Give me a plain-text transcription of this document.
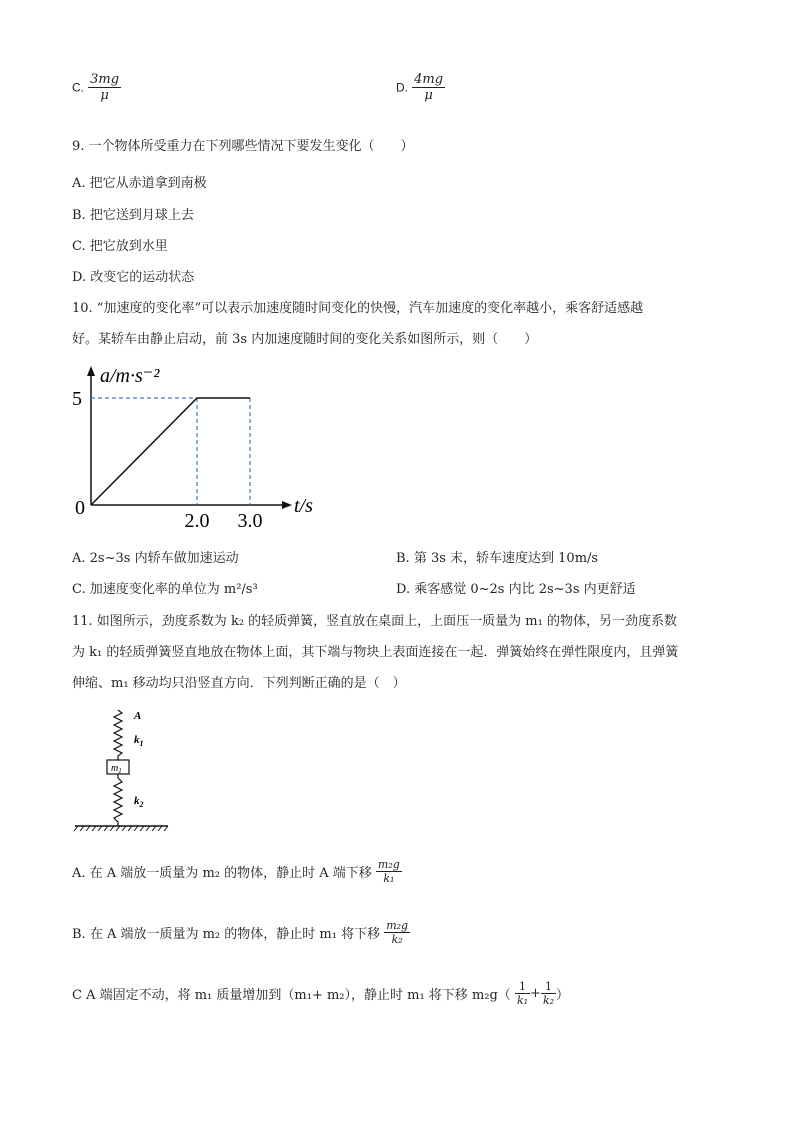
C. $\frac{3mg}{\mu}$	D. $\frac{4mg}{\mu}$
9. 一个物体所受重力在下列哪些情况下要发生变化（　　）
A. 把它从赤道拿到南极
B. 把它送到月球上去
C. 把它放到水里
D. 改变它的运动状态
10. “加速度的变化率”可以表示加速度随时间变化的快慢，汽车加速度的变化率越小，乘客舒适感越
好。某轿车由静止启动，前 3s 内加速度随时间的变化关系如图所示，则（　　）
a/m·s⁻²
5
0
2.0 3.0
t/s
A. 2s~3s 内轿车做加速运动	B. 第 3s 末，轿车速度达到 10m/s
C. 加速度变化率的单位为 m²/s³	D. 乘客感觉 0~2s 内比 2s~3s 内更舒适
11. 如图所示，劲度系数为 k₂ 的轻质弹簧，竖直放在桌面上，上面压一质量为 m₁ 的物体，另一劲度系数
为 k₁ 的轻质弹簧竖直地放在物体上面，其下端与物块上表面连接在一起．弹簧始终在弹性限度内，且弹簧
伸缩、m₁ 移动均只沿竖直方向．下列判断正确的是（　）
$m_1$
A
$k_1$
$k_2$
A. 在 A 端放一质量为 m₂ 的物体，静止时 A 端下移 $\frac{\text{m₂g}}{\text{k₁}}$
B. 在 A 端放一质量为 m₂ 的物体，静止时 m₁ 将下移 $\frac{\text{m₂g}}{\text{k₂}}$
C A 端固定不动，将 m₁ 质量增加到（m₁+ m₂），静止时 m₁ 将下移 $m_2g( \frac{1}{\text{k₁}} + \frac{1}{\text{k₂}}$ ）
